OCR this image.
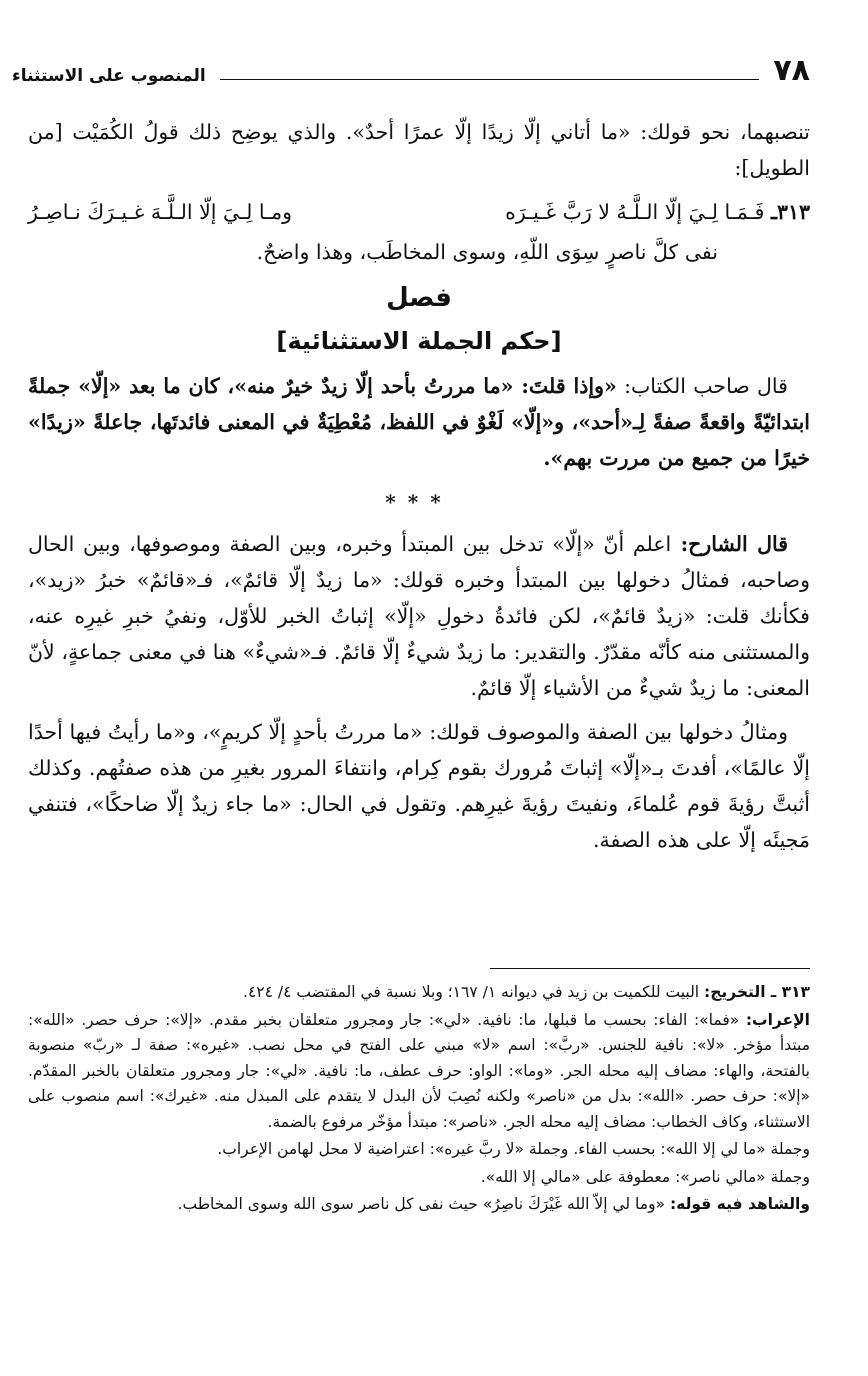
٧٨
المنصوب على الاستثناء

تنصبهما، نحو قولك: «ما أتاني إلّا زيدًا إلّا عمرًا أحدٌ». والذي يوضِح ذلك قولُ الكُمَيْت [من الطويل]:

٣١٣ـ فَـمَـا لِـيَ إلّا الـلَّـهُ لا رَبَّ غَـيـرَه
ومـا لِـيَ إلّا الـلَّـهَ غـيـرَكَ نـاصِـرُ

نفى كلَّ ناصرٍ سِوَى اللّهِ، وسوى المخاطَب، وهذا واضحٌ.

فصل

[حكم الجملة الاستثنائية]

قال صاحب الكتاب: «وإذا قلتَ: «ما مررتُ بأحد إلّا زيدٌ خيرٌ منه»، كان ما بعد «إلّا» جملةً ابتدائيّةً واقعةً صفةً لِـ«أحد»، و«إلّا» لَغْوٌ في اللفظ، مُعْطِيَةٌ في المعنى فائدتَها، جاعلةً «زيدًا» خيرًا من جميع من مررت بهم».

***

قال الشارح: اعلم أنّ «إلّا» تدخل بين المبتدأ وخبره، وبين الصفة وموصوفها، وبين الحال وصاحبه، فمثالُ دخولها بين المبتدأ وخبره قولك: «ما زيدٌ إلّا قائمٌ»، فـ«قائمٌ» خبرُ «زيد»، فكأنك قلت: «زيدٌ قائمٌ»، لكن فائدةُ دخولِ «إلّا» إثباتُ الخبر للأوّل، ونفيُ خبرِ غيرِه عنه، والمستثنى منه كأنّه مقدّرٌ. والتقدير: ما زيدٌ شيءٌ إلّا قائمٌ. فـ«شيءٌ» هنا في معنى جماعةٍ، لأنّ المعنى: ما زيدٌ شيءٌ من الأشياء إلّا قائمٌ.

ومثالُ دخولها بين الصفة والموصوف قولك: «ما مررتُ بأحدٍ إلّا كريمٍ»، و«ما رأيتُ فيها أحدًا إلّا عالمًا»، أفدتَ بـ«إلّا» إثباتَ مُرورك بقوم كِرام، وانتفاءَ المرور بغيرِ من هذه صفتُهم. وكذلك أثبتَّ رؤيةَ قوم عُلماءَ، ونفيتَ رؤيةَ غيرِهم. وتقول في الحال: «ما جاء زيدٌ إلّا ضاحكًا»، فتنفي مَجيئَه إلّا على هذه الصفة.

٣١٣ ـ التخريج: البيت للكميت بن زيد في ديوانه ١/ ١٦٧؛ وبلا نسبة في المقتضب ٤/ ٤٢٤.

الإعراب: «فما»: الفاء: بحسب ما قبلها، ما: نافية. «لي»: جار ومجرور متعلقان بخبر مقدم. «إلا»: حرف حصر. «الله»: مبتدأ مؤخر. «لا»: نافية للجنس. «ربَّ»: اسم «لا» مبني على الفتح في محل نصب. «غيره»: صفة لـ «ربّ» منصوبة بالفتحة، والهاء: مضاف إليه محله الجر. «وما»: الواو: حرف عطف، ما: نافية. «لي»: جار ومجرور متعلقان بالخبر المقدّم. «إلا»: حرف حصر. «الله»: بدل من «ناصر» ولكنه نُصِبَ لأن البدل لا يتقدم على المبدل منه. «غيرك»: اسم منصوب على الاستثناء، وكاف الخطاب: مضاف إليه محله الجر. «ناصر»: مبتدأ مؤخّر مرفوع بالضمة.

وجملة «ما لي إلا الله»: بحسب الفاء. وجملة «لا ربَّ غيره»: اعتراضية لا محل لهامن الإعراب.

وجملة «مالي ناصر»: معطوفة على «مالي إلا الله».

والشاهد فيه قوله: «وما لي إلاّ الله غَيْرَكَ ناصِرُ» حيث نفى كل ناصر سوى الله وسوى المخاطب.
